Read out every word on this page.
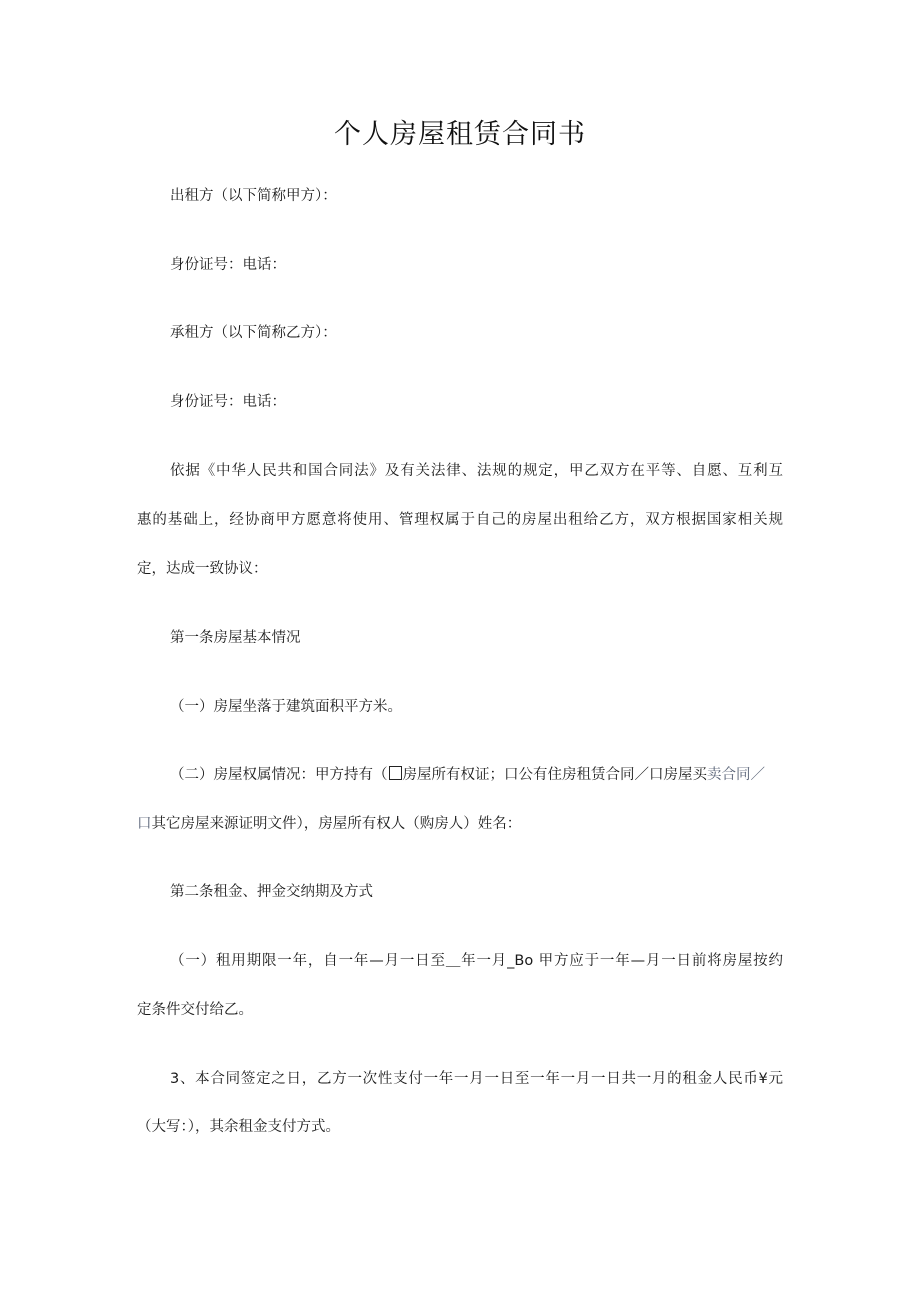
个人房屋租赁合同书
出租方（以下简称甲方）：
身份证号：电话：
承租方（以下简称乙方）：
身份证号：电话：
依据《中华人民共和国合同法》及有关法律、法规的规定，甲乙双方在平等、自愿、互利互
惠的基础上，经协商甲方愿意将使用、管理权属于自己的房屋出租给乙方，双方根据国家相关规
定，达成一致协议：
第一条房屋基本情况
（一）房屋坐落于建筑面积平方米。
（二）房屋权属情况：甲方持有（ 房屋所有权证；口公有住房租赁合同／口房屋买卖合同／
口其它房屋来源证明文件），房屋所有权人（购房人）姓名：
第二条租金、押金交纳期及方式
（一）租用期限一年，自一年—月一日至＿年一月_Bo 甲方应于一年—月一日前将房屋按约
定条件交付给乙。
3、本合同签定之日，乙方一次性支付一年一月一日至一年一月一日共一月的租金人民币¥元
（大写：），其余租金支付方式。
